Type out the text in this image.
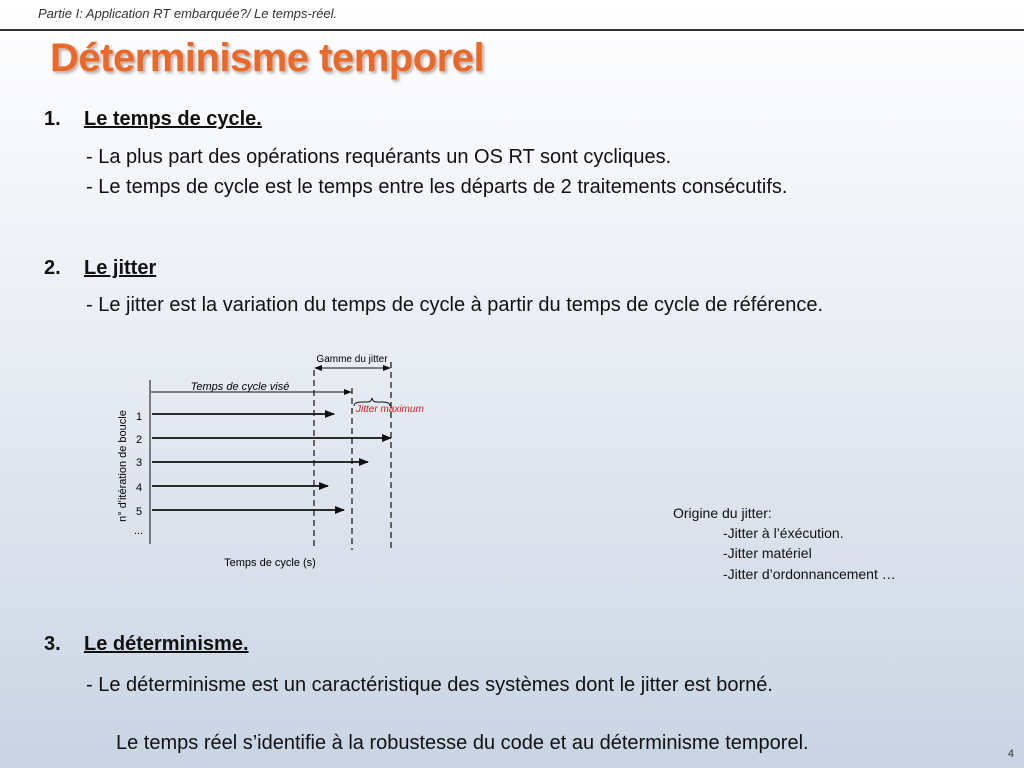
Partie I: Application RT embarquée?/ Le temps-réel.
Déterminisme temporel
1. Le temps de cycle.
- La plus part des opérations requérants un OS RT sont cycliques.
- Le temps de cycle est le temps entre les départs de 2 traitements consécutifs.
2. Le jitter
- Le jitter est la variation du temps de cycle à partir du temps de cycle de référence.
Gamme du jitter
Temps de cycle visé
Jitter maximum
n° d'itération de boucle 1
2
3
4
5
...
Temps de cycle (s)
Origine du jitter:
-Jitter à l’éxécution.
-Jitter matériel
-Jitter d’ordonnancement …
3. Le déterminisme.
- Le déterminisme est un caractéristique des systèmes dont le jitter est borné.
Le temps réel s’identifie à la robustesse du code et au déterminisme temporel.	4
